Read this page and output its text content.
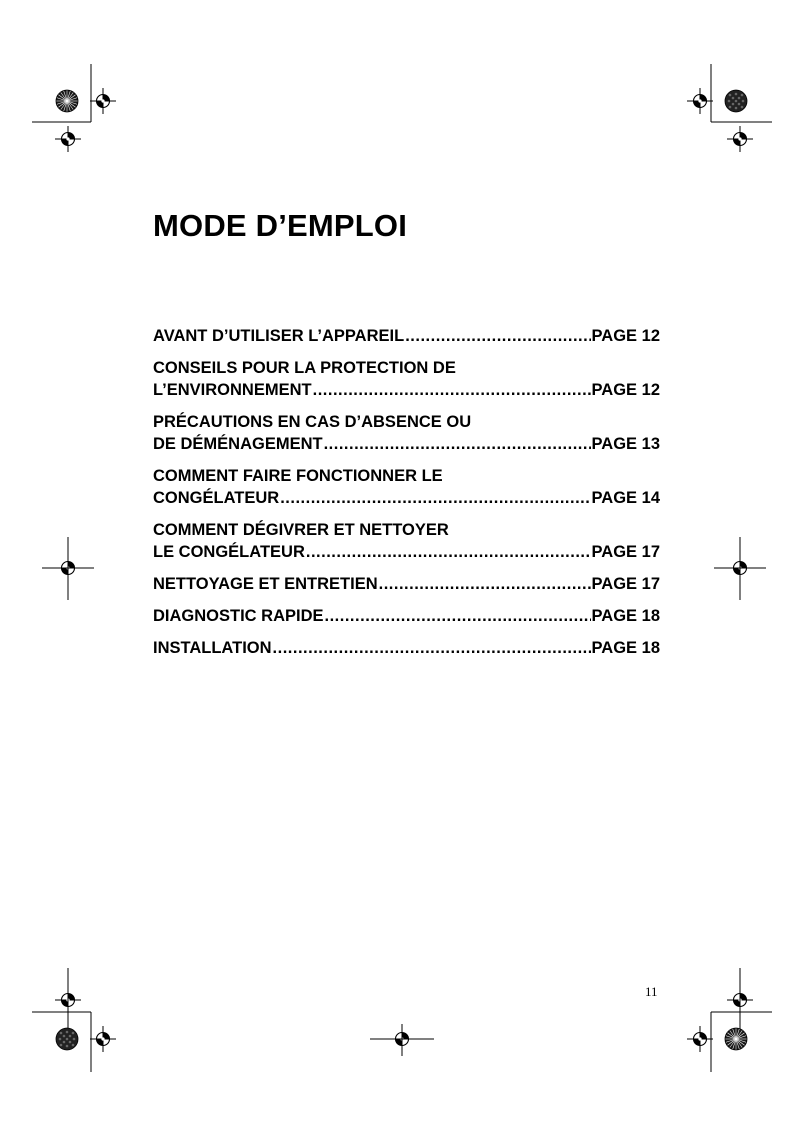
MODE D’EMPLOI
AVANT D’UTILISER L’APPAREIL .....	PAGE 12
CONSEILS POUR LA PROTECTION DE
L’ENVIRONNEMENT .....	PAGE 12
PRÉCAUTIONS EN CAS D’ABSENCE OU
DE DÉMÉNAGEMENT .....	PAGE 13
COMMENT FAIRE FONCTIONNER LE
CONGÉLATEUR .....	PAGE 14
COMMENT DÉGIVRER ET NETTOYER
LE CONGÉLATEUR .....	PAGE 17
NETTOYAGE ET ENTRETIEN .....	PAGE 17
DIAGNOSTIC RAPIDE .....	PAGE 18
INSTALLATION .....	PAGE 18
11
